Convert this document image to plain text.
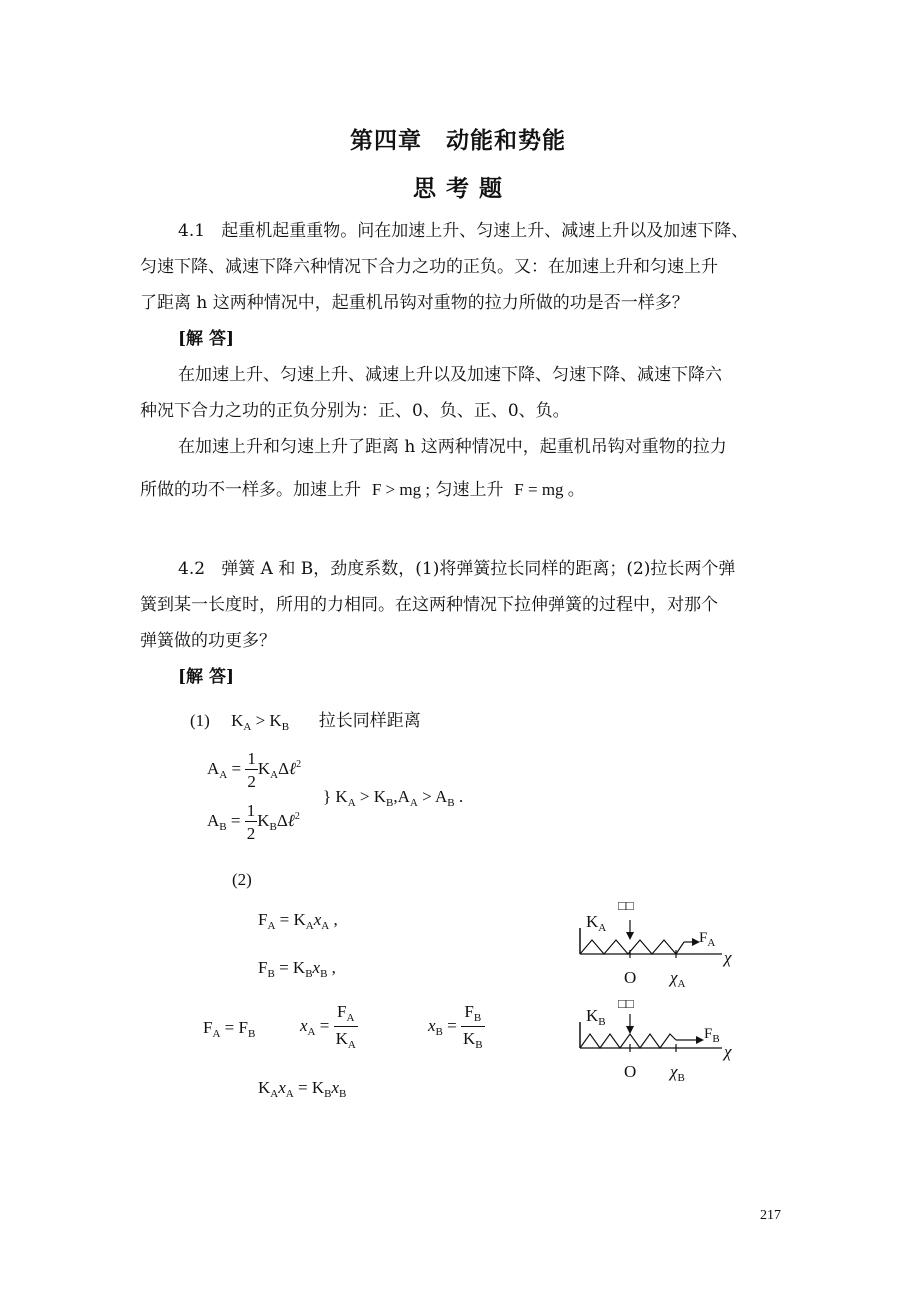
第四章　动能和势能
思 考 题
4.1 起重机起重重物。问在加速上升、匀速上升、减速上升以及加速下降、
匀速下降、减速下降六种情况下合力之功的正负。又：在加速上升和匀速上升
了距离 h 这两种情况中，起重机吊钩对重物的拉力所做的功是否一样多？
[解 答]
在加速上升、匀速上升、减速上升以及加速下降、匀速下降、减速下降六
种况下合力之功的正负分别为：正、0、负、正、0、负。
在加速上升和匀速上升了距离 h 这两种情况中，起重机吊钩对重物的拉力
所做的功不一样多。加速上升 F > mg ; 匀速上升 F = mg 。
4.2 弹簧 A 和 B，劲度系数，(1)将弹簧拉长同样的距离；(2)拉长两个弹
簧到某一长度时，所用的力相同。在这两种情况下拉伸弹簧的过程中，对那个
弹簧做的功更多？
[解 答]
(1) $K_A > K_B$ 拉长同样距离
$A_A = \frac{1}{2}$ $K_A\Delta\ell^2$
} $K_A > K_B,A_A > A_B$ .
$A_B = \frac{1}{2}$ $K_B\Delta\ell^2$
(2)
$F_A = K_Ax_A$ ,
$F_B = K_Bx_B$ ,
$F_A = F_B$	$x_A = \frac{F_A}{K_A}$	$x_B = \frac{F_B}{K_B}$
$K_Ax_A = K_Bx_B$
□□
$K_A$
$F_A$
χ
O $\chi_A$
□□
$K_B$
$F_B$
χ
O $\chi_B$
217
